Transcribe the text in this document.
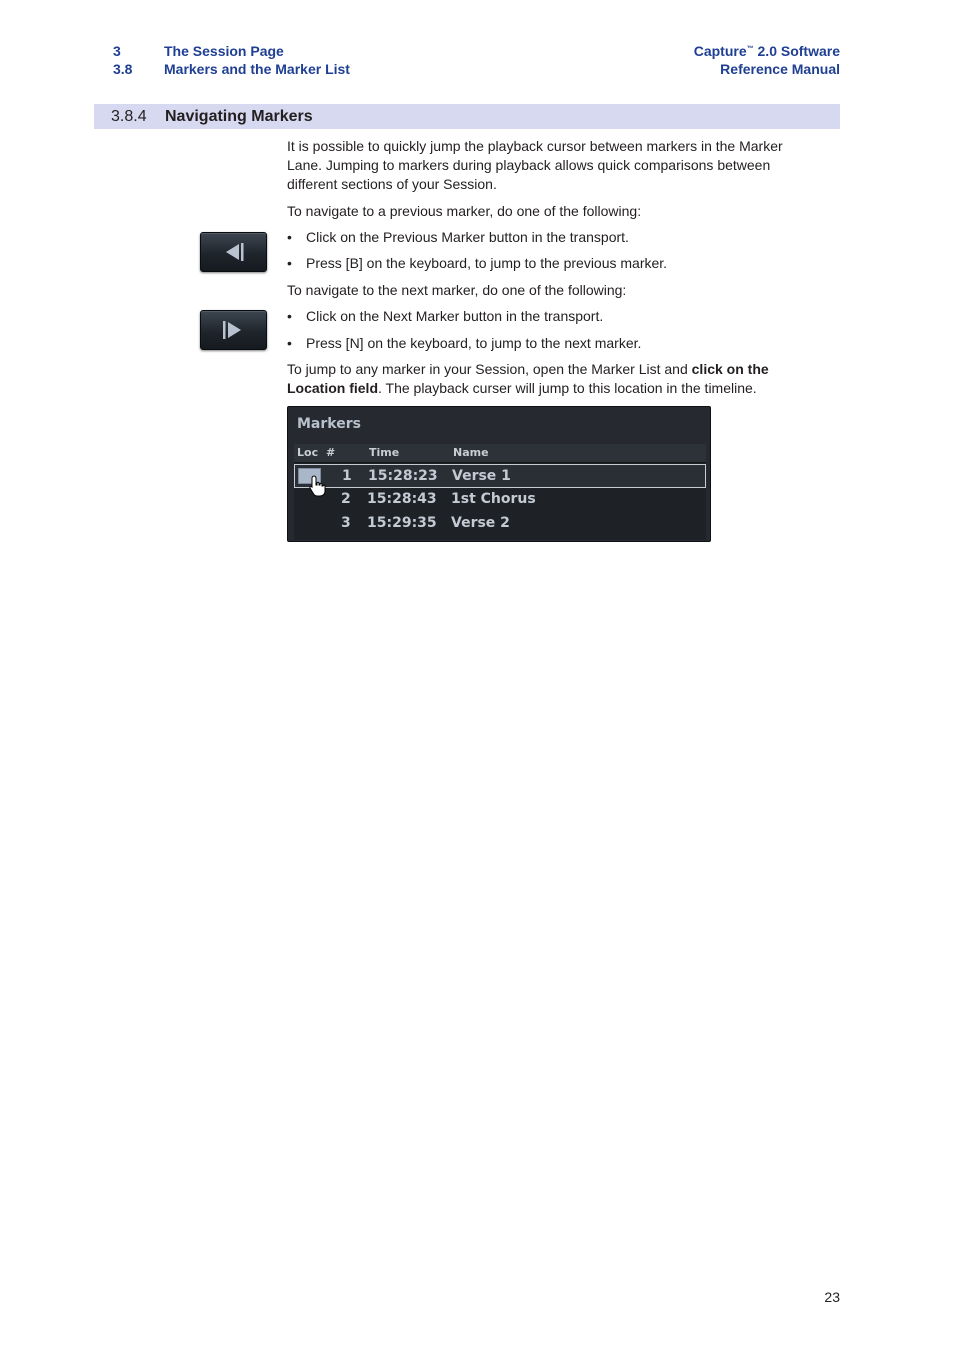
3	The Session Page
3.8 Markers and the Marker List
Capture™ 2.0 Software
Reference Manual
3.8.4 Navigating Markers

It is possible to quickly jump the playback cursor between markers in the Marker Lane. Jumping to markers during playback allows quick comparisons between different sections of your Session.

To navigate to a previous marker, do one of the following:

• Click on the Previous Marker button in the transport.
• Press [B] on the keyboard, to jump to the previous marker.

To navigate to the next marker, do one of the following:

• Click on the Next Marker button in the transport.
• Press [N] on the keyboard, to jump to the next marker.

To jump to any marker in your Session, open the Marker List and click on the Location field. The playback curser will jump to this location in the timeline.

Markers
Loc #	Time	Name
1 15:28:23 Verse 1
2 15:28:43 1st Chorus
3 15:29:35 Verse 2
23
